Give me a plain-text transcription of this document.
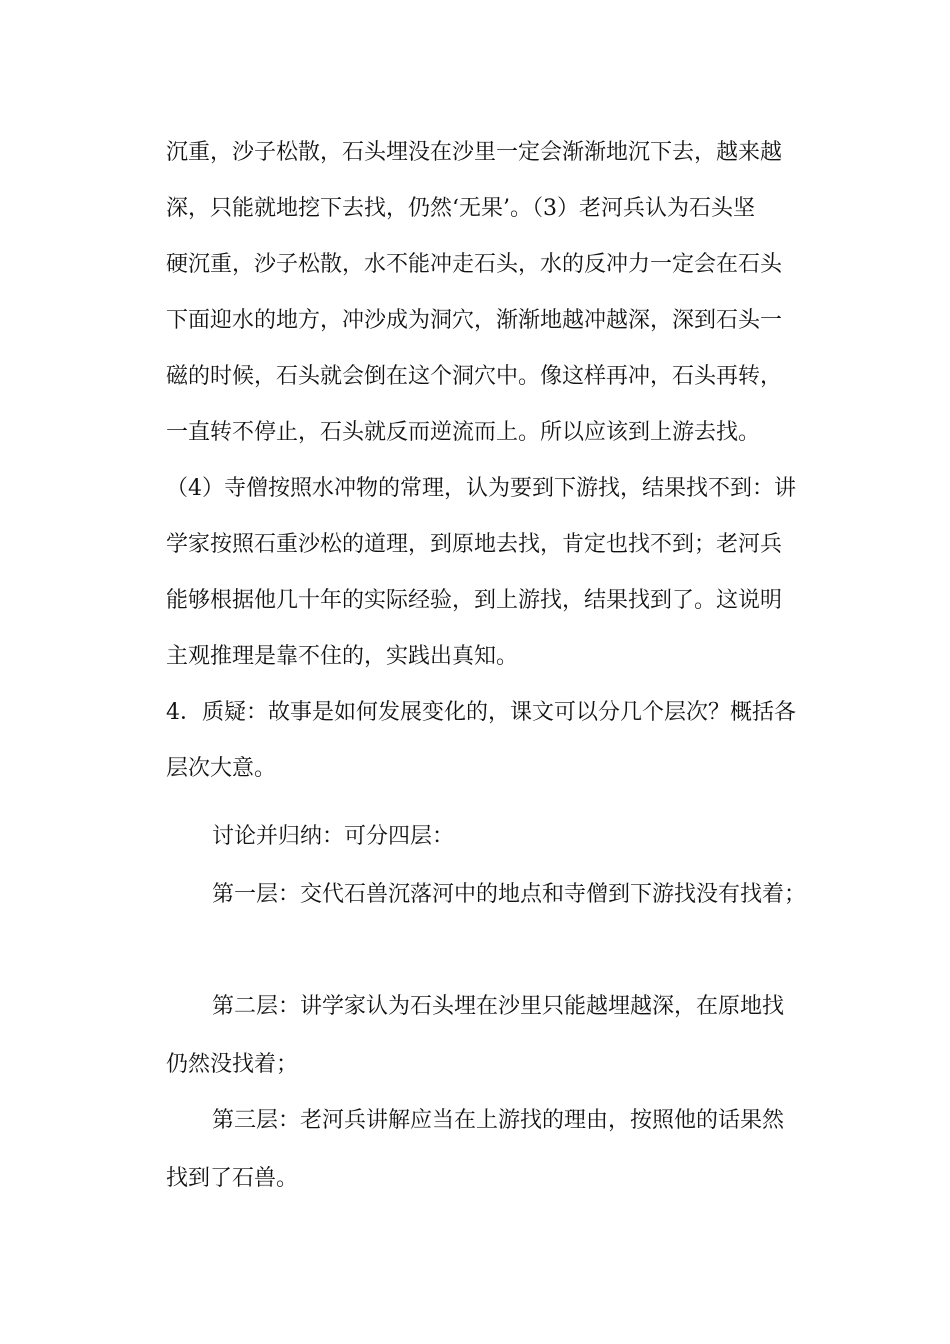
沉重，沙子松散，石头埋没在沙里一定会渐渐地沉下去，越来越
深，只能就地挖下去找，仍然‘无果’。（3）老河兵认为石头坚
硬沉重，沙子松散，水不能冲走石头，水的反冲力一定会在石头
下面迎水的地方，冲沙成为洞穴，渐渐地越冲越深，深到石头一
磁的时候，石头就会倒在这个洞穴中。像这样再冲，石头再转，
一直转不停止，石头就反而逆流而上。所以应该到上游去找。
（4）寺僧按照水冲物的常理，认为要到下游找，结果找不到：讲
学家按照石重沙松的道理，到原地去找，肯定也找不到；老河兵
能够根据他几十年的实际经验，到上游找，结果找到了。这说明
主观推理是靠不住的，实践出真知。
4．质疑：故事是如何发展变化的，课文可以分几个层次？概括各
层次大意。
讨论并归纳：可分四层：
第一层：交代石兽沉落河中的地点和寺僧到下游找没有找着；
第二层：讲学家认为石头埋在沙里只能越埋越深，在原地找
仍然没找着；
第三层：老河兵讲解应当在上游找的理由，按照他的话果然
找到了石兽。
